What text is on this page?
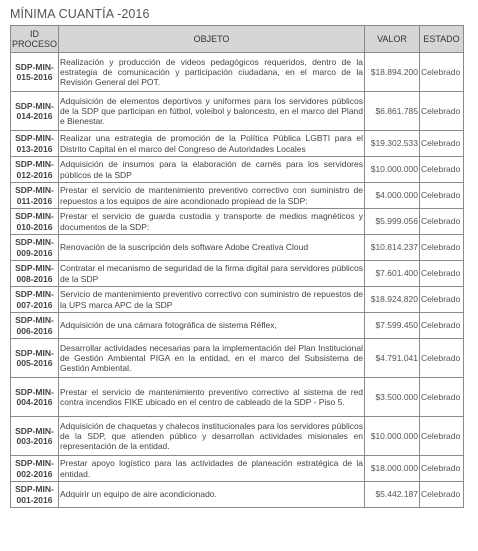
MÍNIMA CUANTÍA -2016
ID PROCESO	OBJETO	VALOR	ESTADO
SDP-MIN-015-2016	Realización y producción de videos pedagógicos requeridos, dentro de la estrategia de comunicación y participación ciudadana, en el marco de la Revisión General del POT.	$18.894.200	Celebrado
SDP-MIN-014-2016	Adquisición de elementos deportivos y uniformes para los servidores públicos de la SDP que participan en fútbol, voleibol y baloncesto, en el marco del Pland e Bienestar.	$6.861.785	Celebrado
SDP-MIN-013-2016	Realizar una estrategia de promoción de la Política Pública LGBTI para el Distrito Capital en el marco del Congreso de Autoridades Locales	$19.302.533	Celebrado
SDP-MIN-012-2016	Adquisición de insumos para la elaboración de carnés para los servidores públicos de la SDP	$10.000.000	Celebrado
SDP-MIN-011-2016	Prestar el servicio de mantenimiento preventivo correctivo con suministro de repuestos a los equipos de aire acondionado propiead de la SDP:	$4.000.000	Celebrado
SDP-MIN-010-2016	Prestar el servicio de guarda custodia y transporte de medios magnéticos y documentos de la SDP:	$5.999.056	Celebrado
SDP-MIN-009-2016	Renovación de la suscripción dels software Adobe Creativa Cloud	$10.814.237	Celebrado
SDP-MIN-008-2016	Contratar el mecanismo de seguridad de la firma digital para servidores públicos de la SDP	$7.601.400	Celebrado
SDP-MIN-007-2016	Servicio de mantenimiento preventivo correctivo con suministro de repuestos de la UPS marca APC de la SDP	$18.924.820	Celebrado
SDP-MIN-006-2016	Adquisición de una cámara fotográfica de sistema Réflex,	$7.599.450	Celebrado
SDP-MIN-005-2016	Desarrollar actividades necesarias para la implementación del Plan Institucional de Gestión Ambiental PIGA en la entidad, en el marco del Subsistema de Gestión Ambiental.	$4.791.041	Celebrado
SDP-MIN-004-2016	Prestar el servicio de mantenimiento preventivo correctivo al sistema de red contra incendios FIKE ubicado en el centro de cableado de la SDP - Piso 5.	$3.500.000	Celebrado
SDP-MIN-003-2016	Adquisición de chaquetas y chalecos institucionales para los servidores públicos de la SDP, que atienden público y desarrollan actividades misionales en representación de la entidad.	$10.000.000	Celebrado
SDP-MIN-002-2016	Prestar apoyo logístico para las actividades de planeación estratégica de la entidad.	$18.000.000	Celebrado
SDP-MIN-001-2016	Adquirir un equipo de aire acondicionado.	$5.442.187	Celebrado
